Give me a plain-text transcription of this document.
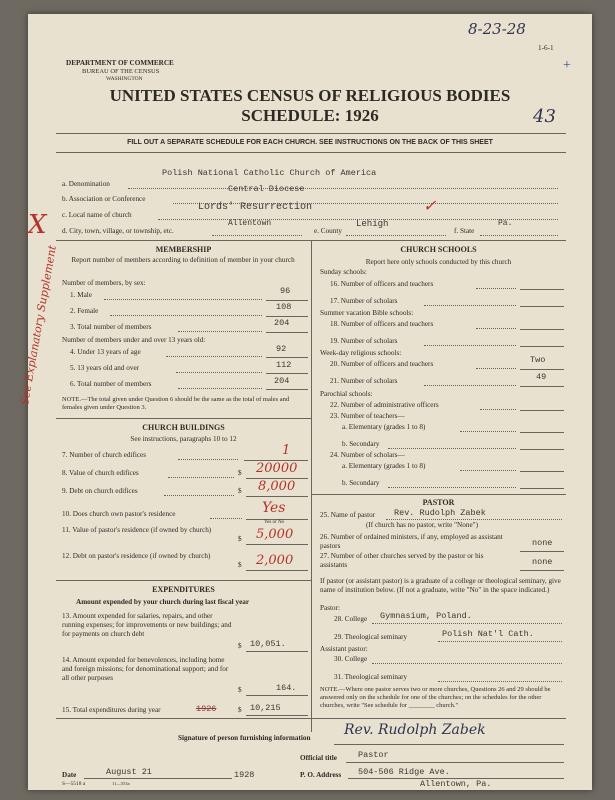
8-23-28
1-6-1
+
43
DEPARTMENT OF COMMERCE
BUREAU OF THE CENSUS
WASHINGTON
UNITED STATES CENSUS OF RELIGIOUS BODIES
SCHEDULE: 1926
FILL OUT A SEPARATE SCHEDULE FOR EACH CHURCH. SEE INSTRUCTIONS ON THE BACK OF THIS SHEET
a. Denomination
Polish National Catholic Church of America
b. Association or Conference
Central Diocese
c. Local name of church
Lords' Resurrection	✓
d. City, town, village, or township, etc.
Allentown
e. County
Lehigh
f. State
Pa.
X
See Explanatory Supplement	MEMBERSHIP
Report number of members according to definition of member in your church
Number of members, by sex:
1. Male	96
2. Female	108
3. Total number of members	204
Number of members under and over 13 years old:
4. Under 13 years of age	92
5. 13 years old and over	112
6. Total number of members	204
NOTE.—The total given under Question 6 should be the same as the total of males and females given under Question 3.
CHURCH BUILDINGS
See instructions, paragraphs 10 to 12
7. Number of church edifices	1
8. Value of church edifices	$ 20000
9. Debt on church edifices	$ 8,000
10. Does church own pastor's residence	Yes
Yes or No
11. Value of pastor's residence (if owned by church)
$ 5,000
12. Debt on pastor's residence (if owned by church)
$ 2,000
EXPENDITURES
Amount expended by your church during last fiscal year
13. Amount expended for salaries, repairs, and other running expenses; for improvements or new buildings; and for payments on church debt
$ 10,051.
14. Amount expended for benevolences, including home and foreign missions; for denominational support; and for all other purposes
$	164.
15. Total expenditures during year	1926	$ 10,215
CHURCH SCHOOLS
Report here only schools conducted by this church
Sunday schools:
16. Number of officers and teachers
17. Number of scholars
Summer vacation Bible schools:
18. Number of officers and teachers
19. Number of scholars
Week-day religious schools:
20. Number of officers and teachers	Two
21. Number of scholars	49
Parochial schools:
22. Number of administrative officers
23. Number of teachers—
a. Elementary (grades 1 to 8)
b. Secondary
24. Number of scholars—
a. Elementary (grades 1 to 8)
b. Secondary
PASTOR
25. Name of pastor Rev. Rudolph Zabek
(If church has no pastor, write "None")
26. Number of ordained ministers, if any, employed as assistant pastors	none
27. Number of other churches served by the pastor or his assistants	none
If pastor (or assistant pastor) is a graduate of a college or theological seminary, give name of institution below. (If not a graduate, write "No" in the space indicated.)
Pastor:
28. College Gymnasium, Poland.
29. Theological seminary	Polish Nat'l Cath.
Assistant pastor:
30. College
31. Theological seminary
NOTE.—Where one pastor serves two or more churches, Questions 26 and 29 should be answered only on the schedule for one of the churches; on the schedules for the other churches, write "See schedule for ________ church."
Signature of person furnishing information Rev. Rudolph Zabek
Official title Pastor
Date	August 21	1928	P. O. Address 504-506 Ridge Ave.
Allentown, Pa.
S—5518 a	11—553a
